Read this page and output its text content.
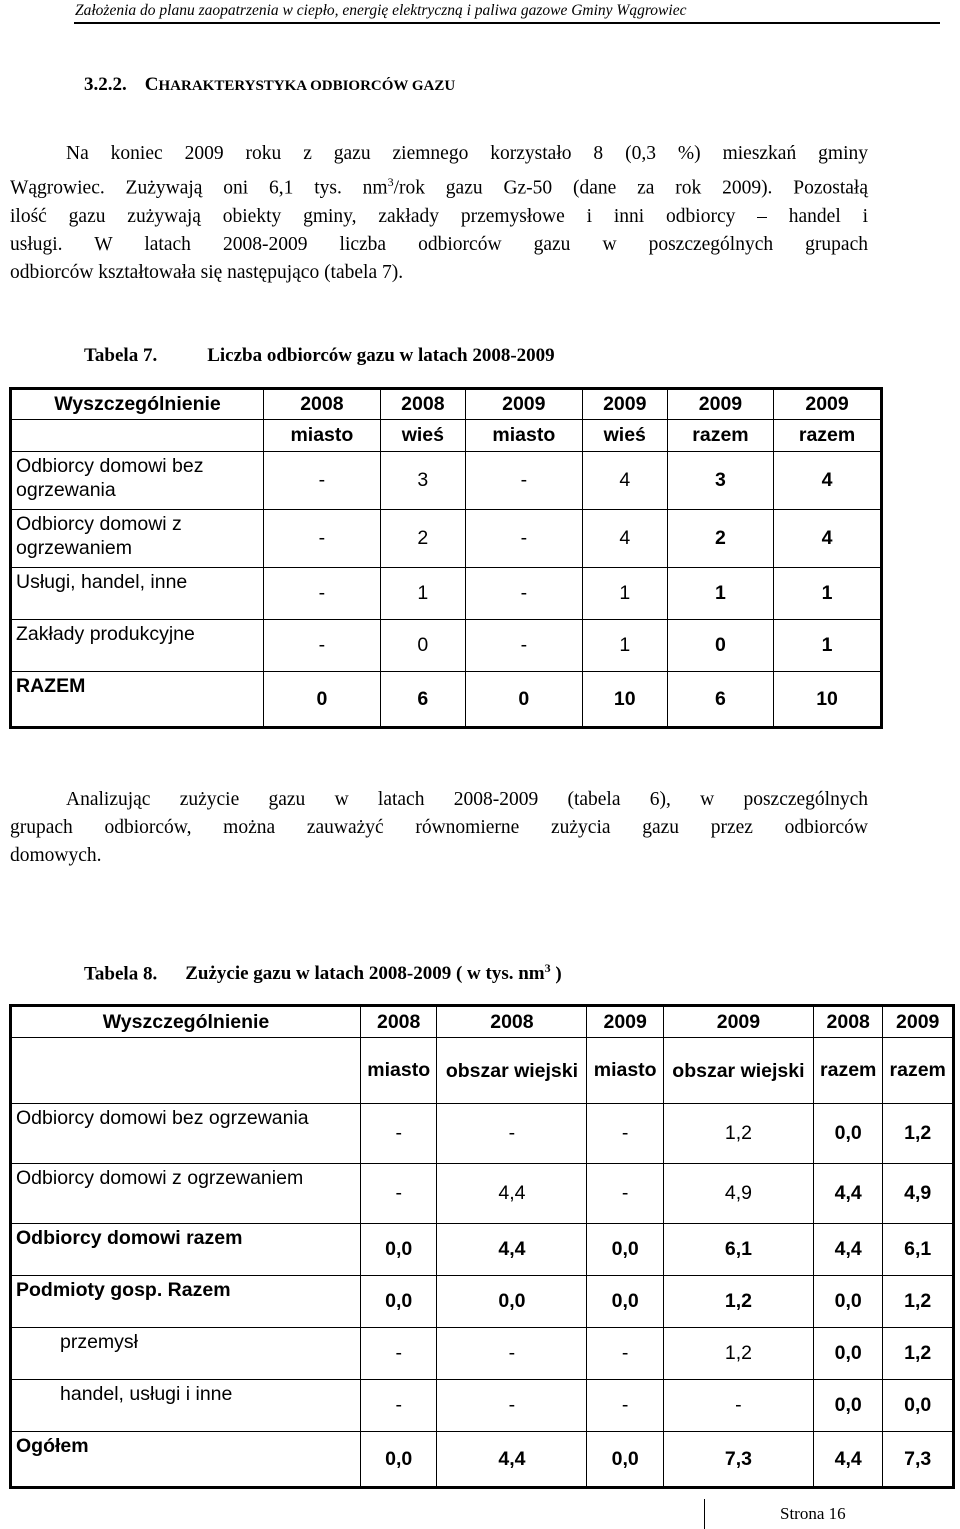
Założenia do planu zaopatrzenia w ciepło, energię elektryczną i paliwa gazowe Gminy Wągrowiec
3.2.2. CHARAKTERYSTYKA ODBIORCÓW GAZU
Na koniec 2009 roku z gazu ziemnego korzystało 8 (0,3 %) mieszkań gminy
Wągrowiec. Zużywają oni 6,1 tys. $nm^3$/rok gazu Gz-50 (dane za rok 2009). Pozostałą
ilość gazu zużywają obiekty gminy, zakłady przemysłowe i inni odbiorcy – handel i
usługi. W latach 2008-2009 liczba odbiorców gazu w poszczególnych grupach
odbiorców kształtowała się następująco (tabela 7).
Tabela 7.	Liczba odbiorców gazu w latach 2008-2009
Wyszczególnienie	2008	2008	2009	2009	2009	2009
	miasto	wieś	miasto	wieś	razem	razem
Odbiorcy domowi bez ogrzewania	-	3	-	4	3	4
Odbiorcy domowi z ogrzewaniem	-	2	-	4	2	4
Usługi, handel, inne	-	1	-	1	1	1
Zakłady produkcyjne	-	0	-	1	0	1
RAZEM	0	6	0	10	6	10
Analizując zużycie gazu w latach 2008-2009 (tabela 6), w poszczególnych
grupach odbiorców, można zauważyć równomierne zużycia gazu przez odbiorców
domowych.
Tabela 8. Zużycie gazu w latach 2008-2009 ( w tys. $nm^3$ )
Wyszczególnienie	2008	2008	2009	2009	2008	2009
	miasto	obszar wiejski	miasto	obszar wiejski	razem	razem
Odbiorcy domowi bez ogrzewania	-	-	-	1,2	0,0	1,2
Odbiorcy domowi z ogrzewaniem	-	4,4	-	4,9	4,4	4,9
Odbiorcy domowi razem	0,0	4,4	0,0	6,1	4,4	6,1
Podmioty gosp. Razem	0,0	0,0	0,0	1,2	0,0	1,2
przemysł	-	-	-	1,2	0,0	1,2
handel, usługi i inne	-	-	-	-	0,0	0,0
Ogółem	0,0	4,4	0,0	7,3	4,4	7,3
Strona 16
